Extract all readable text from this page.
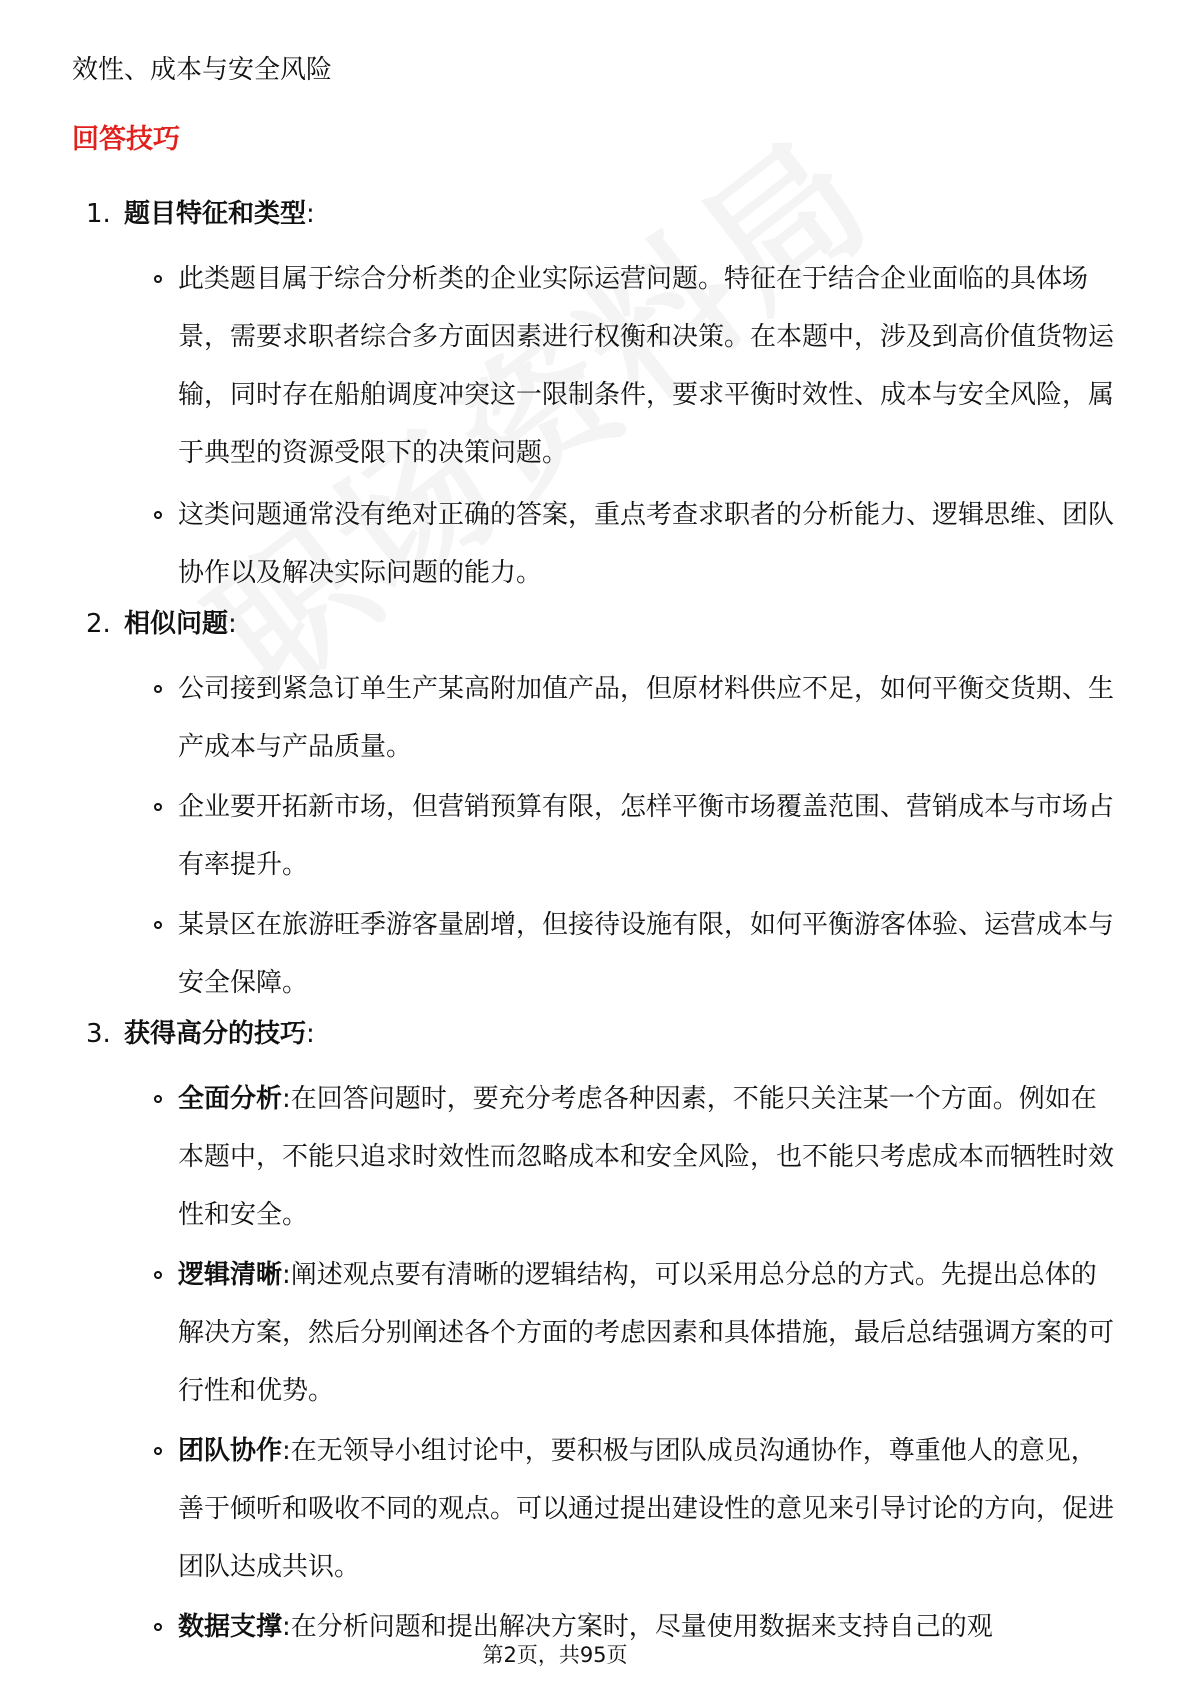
效性、成本与安全风险

回答技巧
1. 题目特征和类型:
此类题目属于综合分析类的企业实际运营问题。特征在于结合企业面临的具体场景，需要求职者综合多方面因素进行权衡和决策。在本题中，涉及到高价值货物运输，同时存在船舶调度冲突这一限制条件，要求平衡时效性、成本与安全风险，属于典型的资源受限下的决策问题。
这类问题通常没有绝对正确的答案，重点考查求职者的分析能力、逻辑思维、团队协作以及解决实际问题的能力。
2. 相似问题:
公司接到紧急订单生产某高附加值产品，但原材料供应不足，如何平衡交货期、生产成本与产品质量。
企业要开拓新市场，但营销预算有限，怎样平衡市场覆盖范围、营销成本与市场占有率提升。
某景区在旅游旺季游客量剧增，但接待设施有限，如何平衡游客体验、运营成本与安全保障。
3. 获得高分的技巧:
全面分析:在回答问题时，要充分考虑各种因素，不能只关注某一个方面。例如在本题中，不能只追求时效性而忽略成本和安全风险，也不能只考虑成本而牺牲时效性和安全。
逻辑清晰:阐述观点要有清晰的逻辑结构，可以采用总分总的方式。先提出总体的解决方案，然后分别阐述各个方面的考虑因素和具体措施，最后总结强调方案的可行性和优势。
团队协作:在无领导小组讨论中，要积极与团队成员沟通协作，尊重他人的意见，善于倾听和吸收不同的观点。可以通过提出建设性的意见来引导讨论的方向，促进团队达成共识。
数据支撑:在分析问题和提出解决方案时，尽量使用数据来支持自己的观
第2页，共95页
